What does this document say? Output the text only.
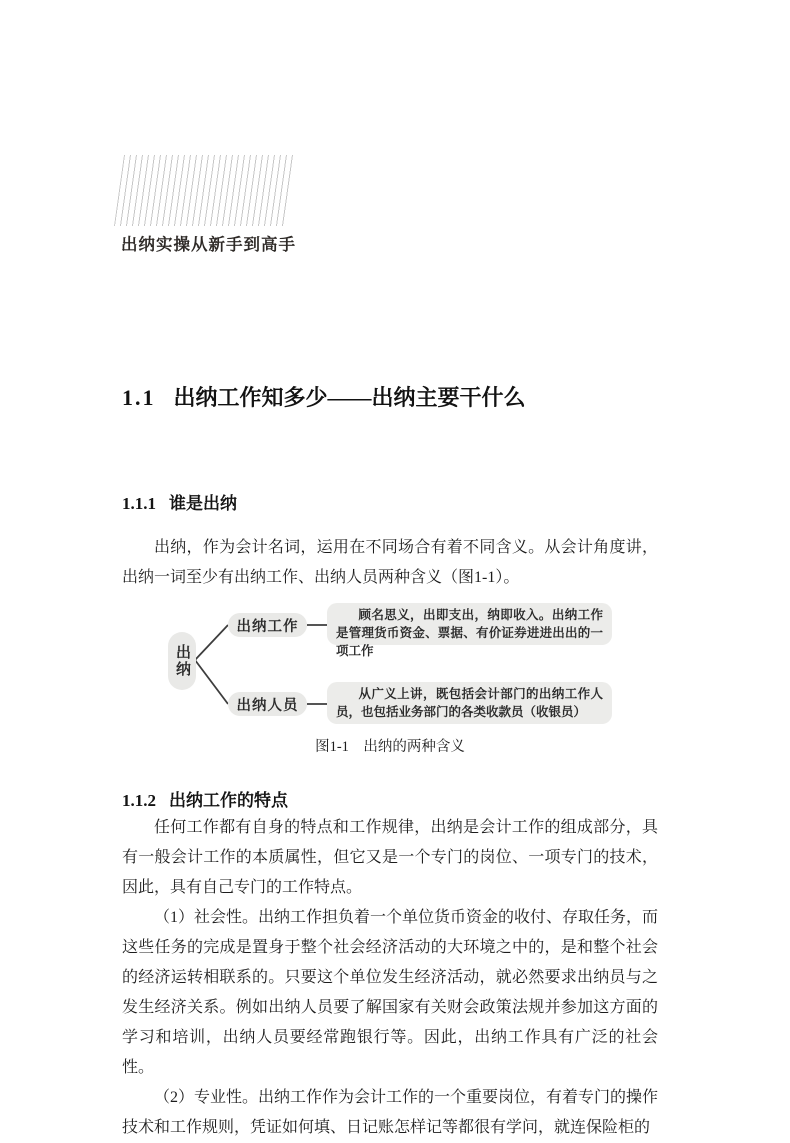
出纳实操从新手到高手
1.1 出纳工作知多少——出纳主要干什么
1.1.1 谁是出纳

出纳，作为会计名词，运用在不同场合有着不同含义。从会计角度讲，出纳一词至少有出纳工作、出纳人员两种含义（图1-1）。

出纳
出纳工作
出纳人员
顾名思义，出即支出，纳即收入。出纳工作是管理货币资金、票据、有价证券进进出出的一项工作
从广义上讲，既包括会计部门的出纳工作人员，也包括业务部门的各类收款员（收银员）
图1-1　出纳的两种含义
1.1.2 出纳工作的特点

任何工作都有自身的特点和工作规律，出纳是会计工作的组成部分，具有一般会计工作的本质属性，但它又是一个专门的岗位、一项专门的技术，因此，具有自己专门的工作特点。

（1）社会性。出纳工作担负着一个单位货币资金的收付、存取任务，而这些任务的完成是置身于整个社会经济活动的大环境之中的，是和整个社会的经济运转相联系的。只要这个单位发生经济活动，就必然要求出纳员与之发生经济关系。例如出纳人员要了解国家有关财会政策法规并参加这方面的学习和培训，出纳人员要经常跑银行等。因此，出纳工作具有广泛的社会性。

（2）专业性。出纳工作作为会计工作的一个重要岗位，有着专门的操作技术和工作规则，凭证如何填、日记账怎样记等都很有学问，就连保险柜的
